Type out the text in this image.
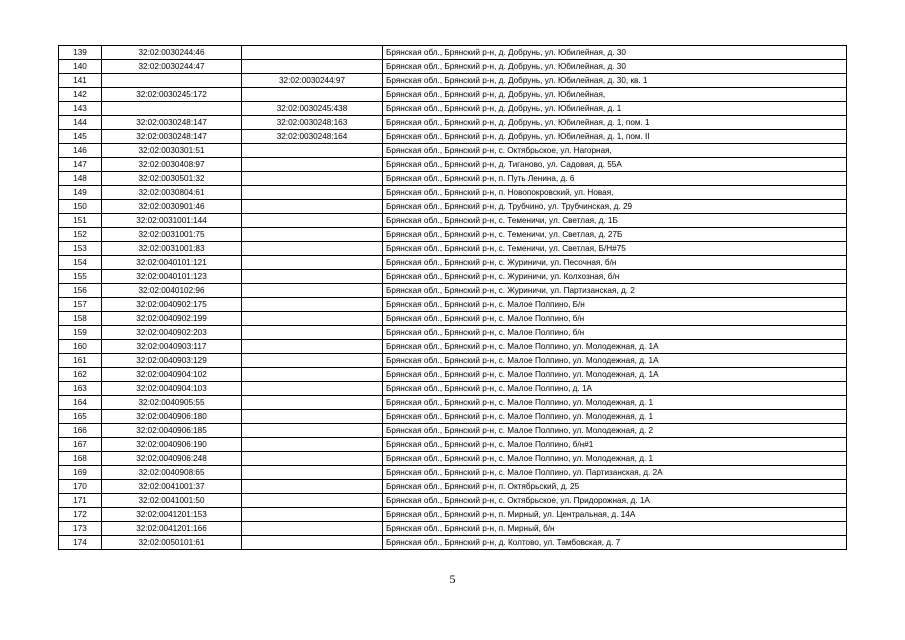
139	32:02:0030244:46		Брянская обл., Брянский р-н, д. Добрунь, ул. Юбилейная, д. 30
140	32:02:0030244:47		Брянская обл., Брянский р-н, д. Добрунь, ул. Юбилейная, д. 30
141		32:02:0030244:97	Брянская обл., Брянский р-н, д. Добрунь, ул. Юбилейная, д. 30, кв. 1
142	32:02:0030245:172		Брянская обл., Брянский р-н, д. Добрунь, ул. Юбилейная,
143		32:02:0030245:438	Брянская обл., Брянский р-н, д. Добрунь, ул. Юбилейная, д. 1
144	32:02:0030248:147	32:02:0030248:163	Брянская обл., Брянский р-н, д. Добрунь, ул. Юбилейная, д. 1, пом. 1
145	32:02:0030248:147	32:02:0030248:164	Брянская обл., Брянский р-н, д. Добрунь, ул. Юбилейная, д. 1, пом. II
146	32:02:0030301:51		Брянская обл., Брянский р-н, с. Октябрьское, ул. Нагорная,
147	32:02:0030408:97		Брянская обл., Брянский р-н, д. Тиганово, ул. Садовая, д. 55А
148	32:02:0030501:32		Брянская обл., Брянский р-н, п. Путь Ленина, д. 6
149	32:02:0030804:61		Брянская обл., Брянский р-н, п. Новопокровский, ул. Новая,
150	32:02:0030901:46		Брянская обл., Брянский р-н, д. Трубчино, ул. Трубчинская, д. 29
151	32:02:0031001:144		Брянская обл., Брянский р-н, с. Теменичи, ул. Светлая, д. 1Б
152	32:02:0031001:75		Брянская обл., Брянский р-н, с. Теменичи, ул. Светлая, д. 27Б
153	32:02:0031001:83		Брянская обл., Брянский р-н, с. Теменичи, ул. Светлая, Б/Н#75
154	32:02:0040101:121		Брянская обл., Брянский р-н, с. Журиничи, ул. Песочная, б/н
155	32:02:0040101:123		Брянская обл., Брянский р-н, с. Журиничи, ул. Колхозная, б/н
156	32:02:0040102:96		Брянская обл., Брянский р-н, с. Журиничи, ул. Партизанская, д. 2
157	32:02:0040902:175		Брянская обл., Брянский р-н, с. Малое Полпино, Б/н
158	32:02:0040902:199		Брянская обл., Брянский р-н, с. Малое Полпино, б/н
159	32:02:0040902:203		Брянская обл., Брянский р-н, с. Малое Полпино, б/н
160	32:02:0040903:117		Брянская обл., Брянский р-н, с. Малое Полпино, ул. Молодежная, д. 1А
161	32:02:0040903:129		Брянская обл., Брянский р-н, с. Малое Полпино, ул. Молодежная, д. 1А
162	32:02:0040904:102		Брянская обл., Брянский р-н, с. Малое Полпино, ул. Молодежная, д. 1А
163	32:02:0040904:103		Брянская обл., Брянский р-н, с. Малое Полпино, д. 1А
164	32:02:0040905:55		Брянская обл., Брянский р-н, с. Малое Полпино, ул. Молодежная, д. 1
165	32:02:0040906:180		Брянская обл., Брянский р-н, с. Малое Полпино, ул. Молодежная, д. 1
166	32:02:0040906:185		Брянская обл., Брянский р-н, с. Малое Полпино, ул. Молодежная, д. 2
167	32:02:0040906:190		Брянская обл., Брянский р-н, с. Малое Полпино, б/н#1
168	32:02:0040906:248		Брянская обл., Брянский р-н, с. Малое Полпино, ул. Молодежная, д. 1
169	32:02:0040908:65		Брянская обл., Брянский р-н, с. Малое Полпино, ул. Партизанская, д. 2А
170	32:02:0041001:37		Брянская обл., Брянский р-н, п. Октябрьский, д. 25
171	32:02:0041001:50		Брянская обл., Брянский р-н, с. Октябрьское, ул. Придорожная, д. 1А
172	32:02:0041201:153		Брянская обл., Брянский р-н, п. Мирный, ул. Центральная, д. 14А
173	32:02:0041201:166		Брянская обл., Брянский р-н, п. Мирный, б/н
174	32:02:0050101:61		Брянская обл., Брянский р-н, д. Колтово, ул. Тамбовская, д. 7
5
